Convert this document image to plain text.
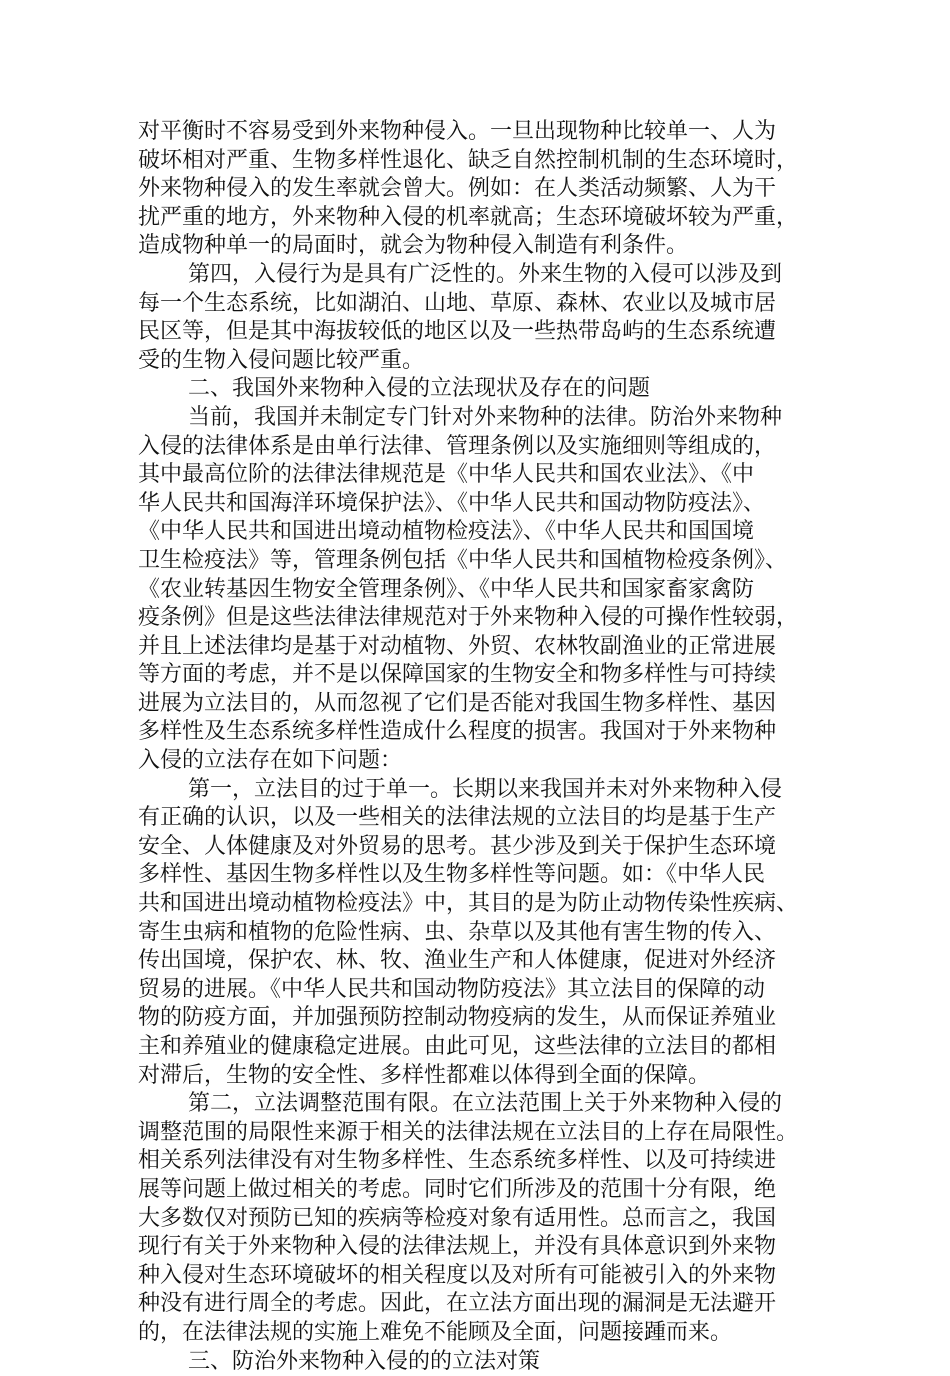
对平衡时不容易受到外来物种侵入。一旦出现物种比较单一、人为
破坏相对严重、生物多样性退化、缺乏自然控制机制的生态环境时，
外来物种侵入的发生率就会曾大。例如：在人类活动频繁、人为干
扰严重的地方，外来物种入侵的机率就高；生态环境破坏较为严重，
造成物种单一的局面时，就会为物种侵入制造有利条件。
第四，入侵行为是具有广泛性的。外来生物的入侵可以涉及到
每一个生态系统，比如湖泊、山地、草原、森林、农业以及城市居
民区等，但是其中海拔较低的地区以及一些热带岛屿的生态系统遭
受的生物入侵问题比较严重。
二、我国外来物种入侵的立法现状及存在的问题
当前，我国并未制定专门针对外来物种的法律。防治外来物种
入侵的法律体系是由单行法律、管理条例以及实施细则等组成的，
其中最高位阶的法律法律规范是《中华人民共和国农业法》、《中
华人民共和国海洋环境保护法》、《中华人民共和国动物防疫法》、
《中华人民共和国进出境动植物检疫法》、《中华人民共和国国境
卫生检疫法》等，管理条例包括《中华人民共和国植物检疫条例》、
《农业转基因生物安全管理条例》、《中华人民共和国家畜家禽防
疫条例》但是这些法律法律规范对于外来物种入侵的可操作性较弱，
并且上述法律均是基于对动植物、外贸、农林牧副渔业的正常进展
等方面的考虑，并不是以保障国家的生物安全和物多样性与可持续
进展为立法目的，从而忽视了它们是否能对我国生物多样性、基因
多样性及生态系统多样性造成什么程度的损害。我国对于外来物种
入侵的立法存在如下问题：
第一，立法目的过于单一。长期以来我国并未对外来物种入侵
有正确的认识，以及一些相关的法律法规的立法目的均是基于生产
安全、人体健康及对外贸易的思考。甚少涉及到关于保护生态环境
多样性、基因生物多样性以及生物多样性等问题。如：《中华人民
共和国进出境动植物检疫法》中，其目的是为防止动物传染性疾病、
寄生虫病和植物的危险性病、虫、杂草以及其他有害生物的传入、
传出国境，保护农、林、牧、渔业生产和人体健康，促进对外经济
贸易的进展。《中华人民共和国动物防疫法》其立法目的保障的动
物的防疫方面，并加强预防控制动物疫病的发生，从而保证养殖业
主和养殖业的健康稳定进展。由此可见，这些法律的立法目的都相
对滞后，生物的安全性、多样性都难以体得到全面的保障。
第二，立法调整范围有限。在立法范围上关于外来物种入侵的
调整范围的局限性来源于相关的法律法规在立法目的上存在局限性。
相关系列法律没有对生物多样性、生态系统多样性、以及可持续进
展等问题上做过相关的考虑。同时它们所涉及的范围十分有限，绝
大多数仅对预防已知的疾病等检疫对象有适用性。总而言之，我国
现行有关于外来物种入侵的法律法规上，并没有具体意识到外来物
种入侵对生态环境破坏的相关程度以及对所有可能被引入的外来物
种没有进行周全的考虑。因此，在立法方面出现的漏洞是无法避开
的，在法律法规的实施上难免不能顾及全面，问题接踵而来。
三、防治外来物种入侵的的立法对策
